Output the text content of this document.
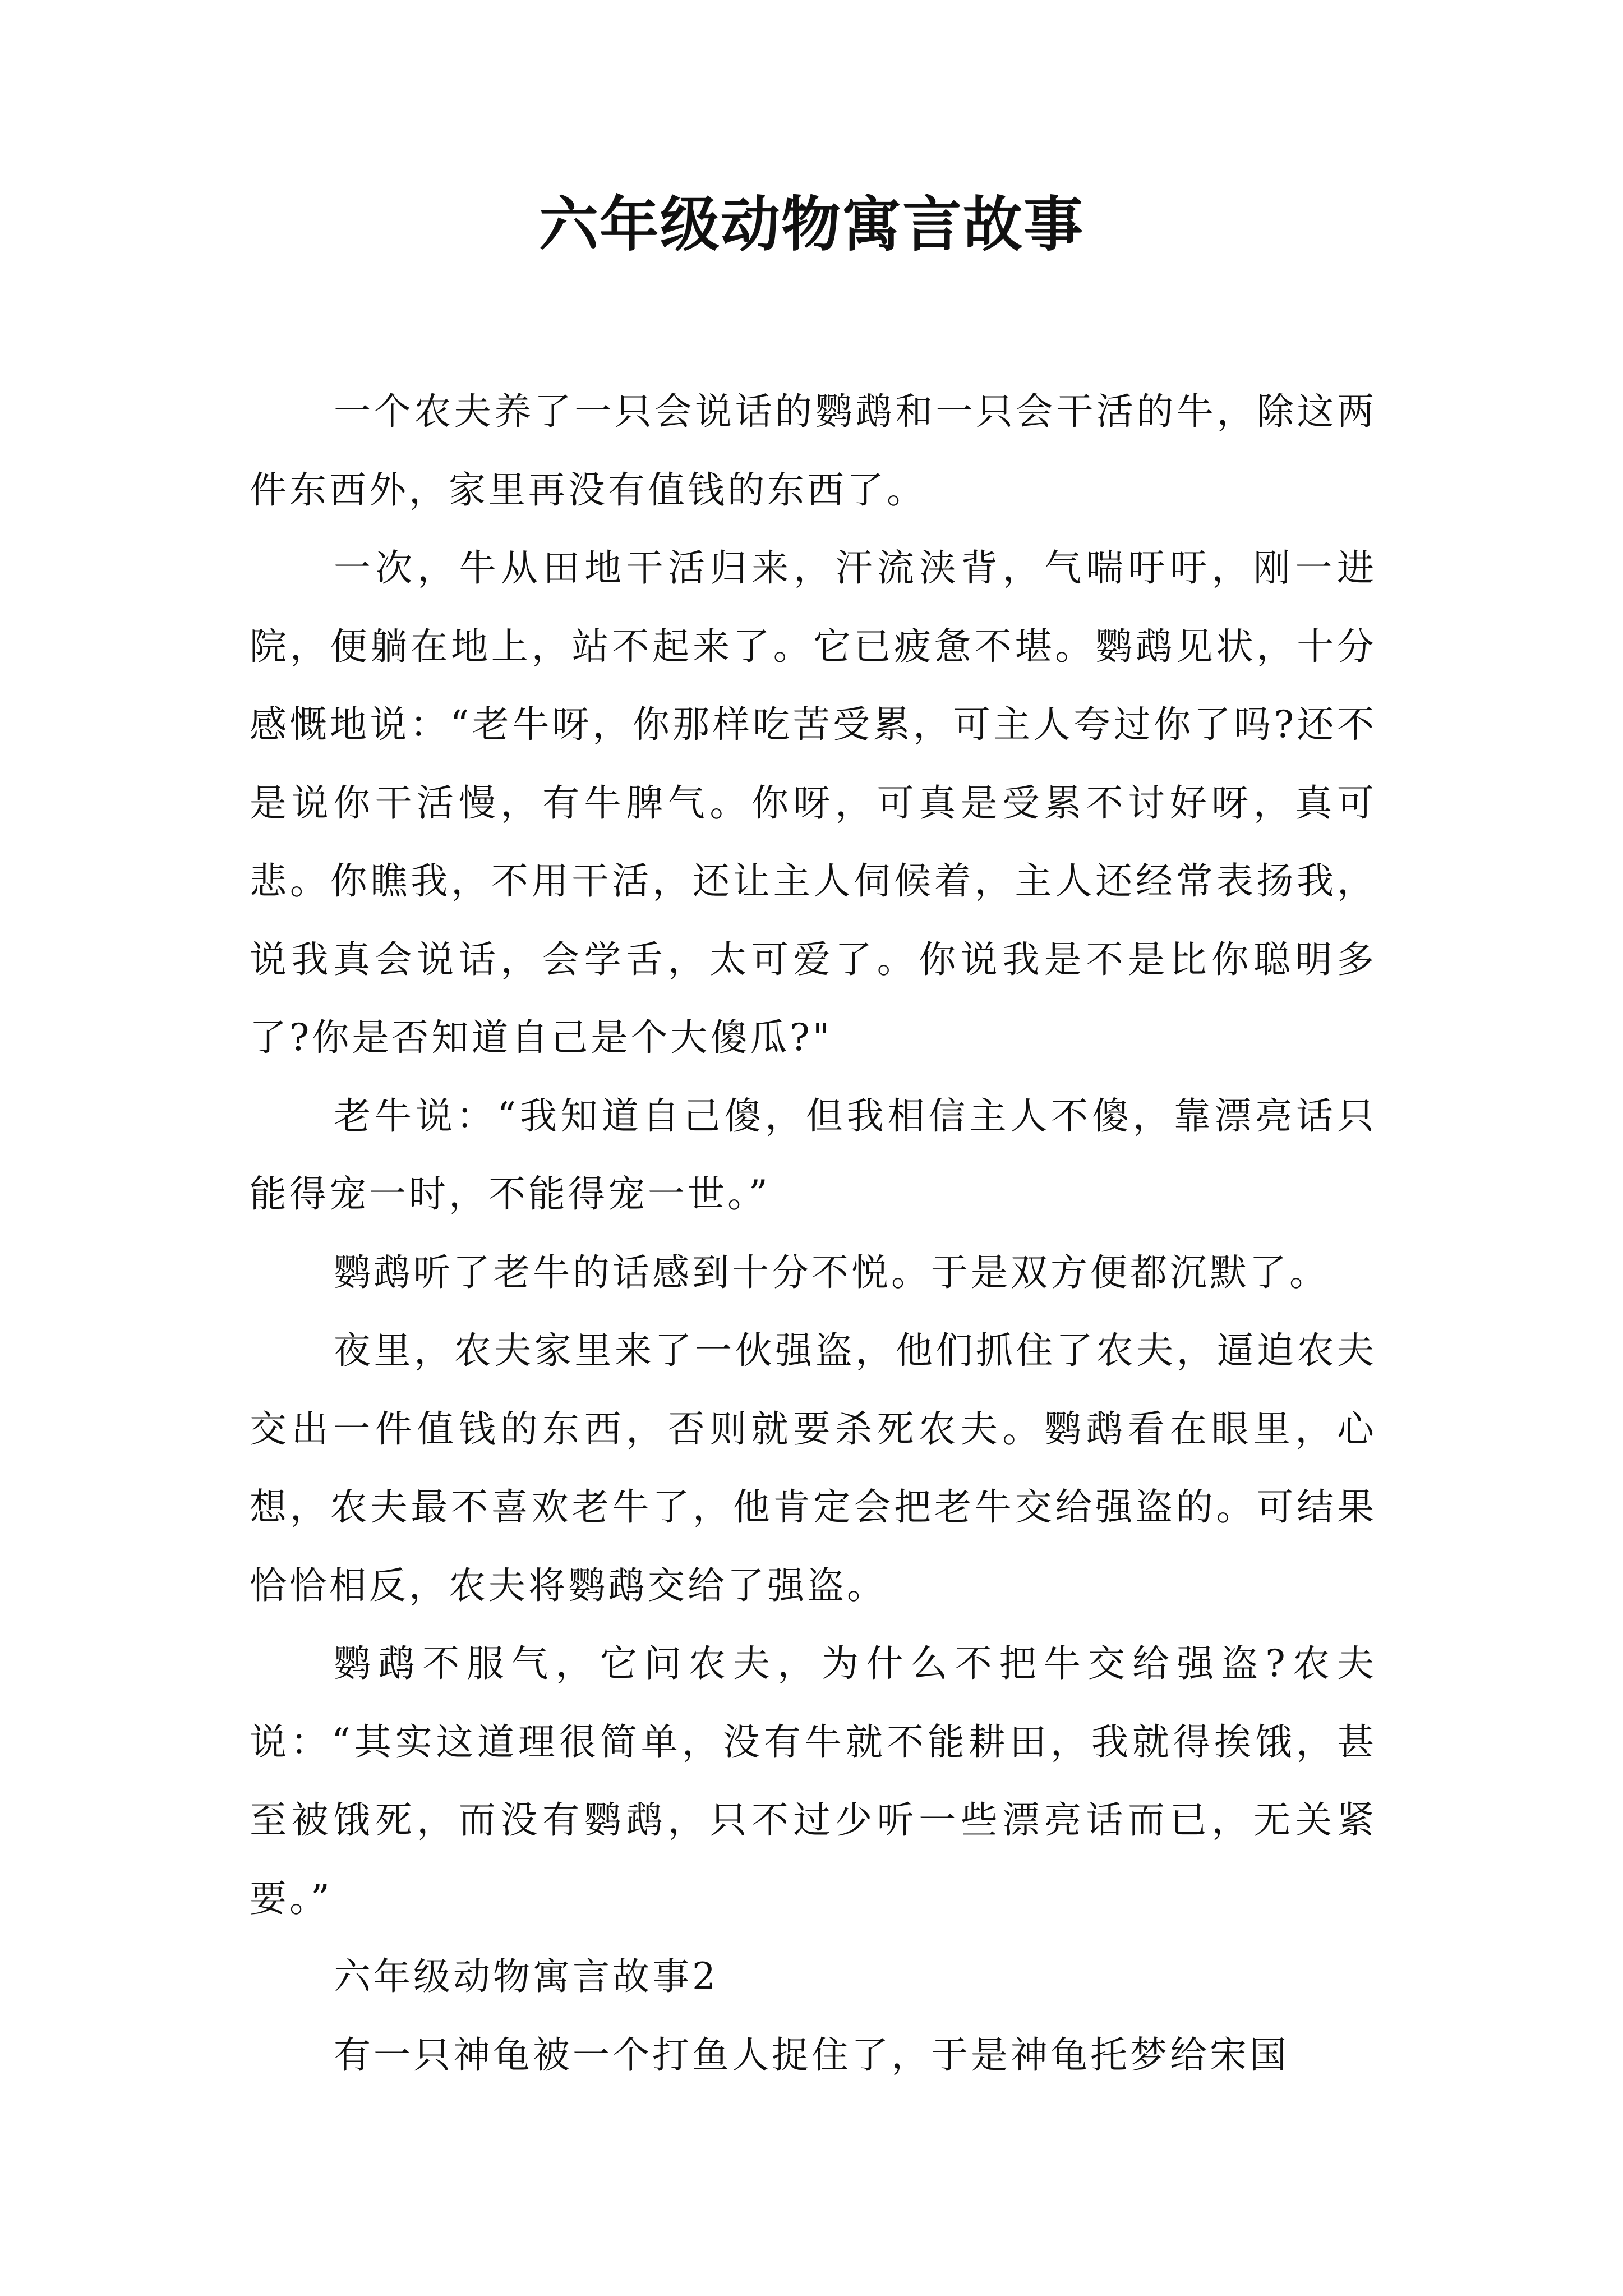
六年级动物寓言故事

一个农夫养了一只会说话的鹦鹉和一只会干活的牛，除这两件东西外，家里再没有值钱的东西了。

一次，牛从田地干活归来，汗流浃背，气喘吁吁，刚一进院，便躺在地上，站不起来了。它已疲惫不堪。鹦鹉见状，十分感慨地说：“老牛呀，你那样吃苦受累，可主人夸过你了吗?还不是说你干活慢，有牛脾气。你呀，可真是受累不讨好呀，真可悲。你瞧我，不用干活，还让主人伺候着，主人还经常表扬我，说我真会说话，会学舌，太可爱了。你说我是不是比你聪明多了?你是否知道自己是个大傻瓜?"

老牛说：“我知道自己傻，但我相信主人不傻，靠漂亮话只能得宠一时，不能得宠一世。”

鹦鹉听了老牛的话感到十分不悦。于是双方便都沉默了。

夜里，农夫家里来了一伙强盗，他们抓住了农夫，逼迫农夫交出一件值钱的东西，否则就要杀死农夫。鹦鹉看在眼里，心想，农夫最不喜欢老牛了，他肯定会把老牛交给强盗的。可结果恰恰相反，农夫将鹦鹉交给了强盗。

鹦鹉不服气，它问农夫，为什么不把牛交给强盗?农夫说：“其实这道理很简单，没有牛就不能耕田，我就得挨饿，甚至被饿死，而没有鹦鹉，只不过少听一些漂亮话而已，无关紧要。”

六年级动物寓言故事2

有一只神龟被一个打鱼人捉住了，于是神龟托梦给宋国
